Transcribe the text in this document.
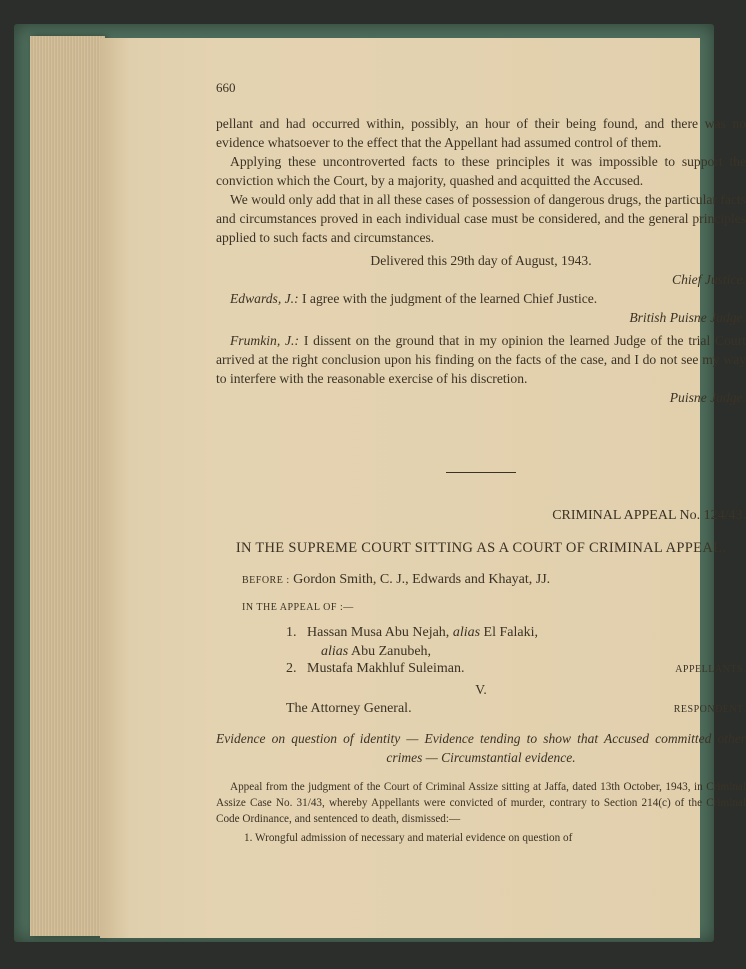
660

pellant and had occurred within, possibly, an hour of their being found, and there was no evidence whatsoever to the effect that the Appellant had assumed control of them.

Applying these uncontroverted facts to these principles it was impossible to support the conviction which the Court, by a majority, quashed and acquitted the Accused.

We would only add that in all these cases of possession of dangerous drugs, the particular facts and circumstances proved in each individual case must be considered, and the general principles applied to such facts and circumstances.

Delivered this 29th day of August, 1943.

Chief Justice.

Edwards, J.: I agree with the judgment of the learned Chief Justice.

British Puisne Judge.

Frumkin, J.: I dissent on the ground that in my opinion the learned Judge of the trial Court arrived at the right conclusion upon his finding on the facts of the case, and I do not see my way to interfere with the reasonable exercise of his discretion.

Puisne Judge.

CRIMINAL APPEAL No. 124/43.

IN THE SUPREME COURT SITTING AS A COURT OF CRIMINAL APPEAL.

BEFORE : Gordon Smith, C. J., Edwards and Khayat, JJ.

IN THE APPEAL OF :—

1. Hassan Musa Abu Nejah, alias El Falaki,

alias Abu Zanubeh,

2. Mustafa Makhluf Suleiman.	APPELLANTS.

V.

The Attorney General.	RESPONDENT.

Evidence on question of identity — Evidence tending to show that Accused committed other crimes — Circumstantial evidence.

Appeal from the judgment of the Court of Criminal Assize sitting at Jaffa, dated 13th October, 1943, in Criminal Assize Case No. 31/43, whereby Appellants were convicted of murder, contrary to Section 214(c) of the Criminal Code Ordinance, and sentenced to death, dismissed:—

1. Wrongful admission of necessary and material evidence on question of
